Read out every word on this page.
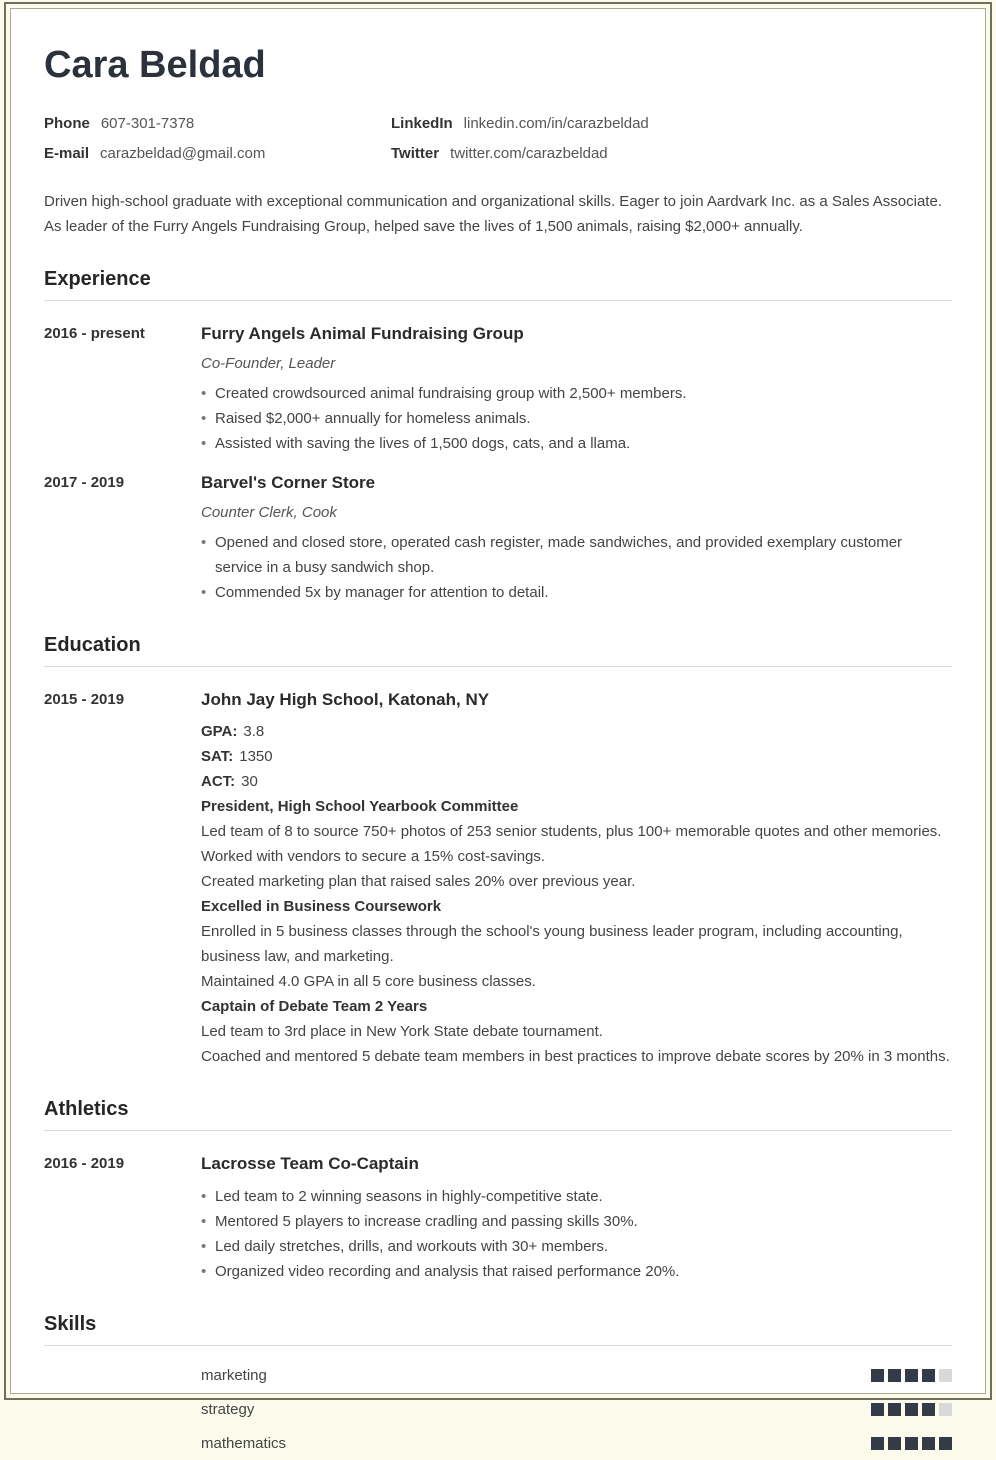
Cara Beldad
Phone 607-301-7378	LinkedIn linkedin.com/in/carazbeldad
E-mail carazbeldad@gmail.com	Twitter twitter.com/carazbeldad
Driven high-school graduate with exceptional communication and organizational skills. Eager to join Aardvark Inc. as a Sales Associate. As leader of the Furry Angels Fundraising Group, helped save the lives of 1,500 animals, raising $2,000+ annually.
Experience
2016 - present	Furry Angels Animal Fundraising Group
Co-Founder, Leader
•
Created crowdsourced animal fundraising group with 2,500+ members.
•
Raised $2,000+ annually for homeless animals.
•
Assisted with saving the lives of 1,500 dogs, cats, and a llama.
2017 - 2019	Barvel's Corner Store
Counter Clerk, Cook
•
Opened and closed store, operated cash register, made sandwiches, and provided exemplary customer service in a busy sandwich shop.
•
Commended 5x by manager for attention to detail.
Education
2015 - 2019	John Jay High School, Katonah, NY
GPA: 3.8
SAT: 1350
ACT: 30
President, High School Yearbook Committee
Led team of 8 to source 750+ photos of 253 senior students, plus 100+ memorable quotes and other memories.
Worked with vendors to secure a 15% cost-savings.
Created marketing plan that raised sales 20% over previous year.
Excelled in Business Coursework
Enrolled in 5 business classes through the school's young business leader program, including accounting, business law, and marketing.
Maintained 4.0 GPA in all 5 core business classes.
Captain of Debate Team 2 Years
Led team to 3rd place in New York State debate tournament.
Coached and mentored 5 debate team members in best practices to improve debate scores by 20% in 3 months.
Athletics
2016 - 2019	Lacrosse Team Co-Captain
•
Led team to 2 winning seasons in highly-competitive state.
•
Mentored 5 players to increase cradling and passing skills 30%.
•
Led daily stretches, drills, and workouts with 30+ members.
•
Organized video recording and analysis that raised performance 20%.
Skills
marketing
strategy
mathematics
